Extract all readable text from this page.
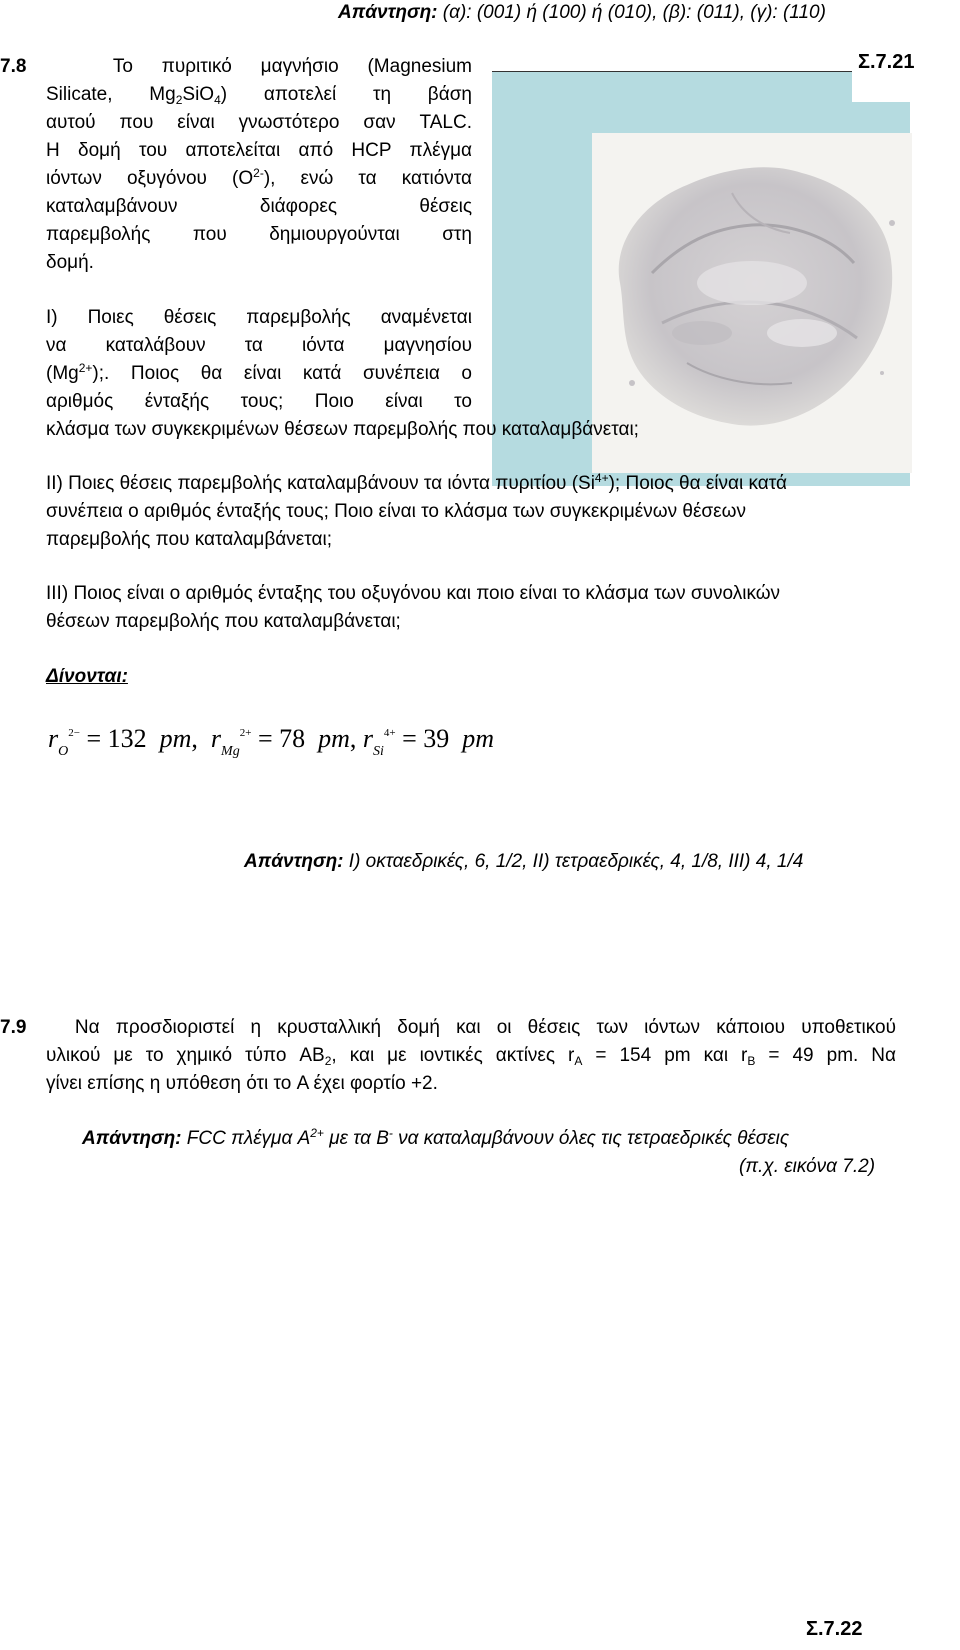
Απάντηση: (α): (001) ή (100) ή (010), (β): (011), (γ): (110)
Σ.7.21
7.8	Το πυριτικό μαγνήσιο (Magnesium
Silicate, $Mg_2SiO_4$) αποτελεί τη βάση
αυτού που είναι γνωστότερο σαν TALC.
Η δομή του αποτελείται από HCP πλέγμα
ιόντων οξυγόνου $(O^{2-})$, ενώ τα κατιόντα
καταλαμβάνουν διάφορες θέσεις
παρεμβολής που δημιουργούνται στη
δομή.
I) Ποιες θέσεις παρεμβολής αναμένεται
να καταλάβουν τα ιόντα μαγνησίου
$(Mg^{2+})$;. Ποιος θα είναι κατά συνέπεια ο
αριθμός ένταξής τους; Ποιο είναι το
κλάσμα των συγκεκριμένων θέσεων παρεμβολής που καταλαμβάνεται;
II) Ποιες θέσεις παρεμβολής καταλαμβάνουν τα ιόντα πυριτίου $(Si^{4+})$; Ποιος θα είναι κατά
συνέπεια ο αριθμός ένταξής τους; Ποιο είναι το κλάσμα των συγκεκριμένων θέσεων
παρεμβολής που καταλαμβάνεται;
III) Ποιος είναι ο αριθμός ένταξης του οξυγόνου και ποιο είναι το κλάσμα των συνολικών
θέσεων παρεμβολής που καταλαμβάνεται;
Δίνονται:
$r_O^{2-} = 132$ pm, $r_{Mg}^{2+} = 78$ pm, $r_{Si}^{4+} = 39$ pm
Απάντηση: I) οκταεδρικές, 6, 1/2, II) τετραεδρικές, 4, 1/8, III) 4, 1/4
7.9	Να προσδιοριστεί η κρυσταλλική δομή και οι θέσεις των ιόντων κάποιου υποθετικού
υλικού με το χημικό τύπο $AB_2$, και με ιοντικές ακτίνες $r_A = 154$ pm και $r_B = 49$ pm. Να
γίνει επίσης η υπόθεση ότι το A έχει φορτίο +2.
Απάντηση: FCC πλέγμα $A^{2+}$ με τα B- να καταλαμβάνουν όλες τις τετραεδρικές θέσεις
(π.χ. εικόνα 7.2)
Σ.7.22
